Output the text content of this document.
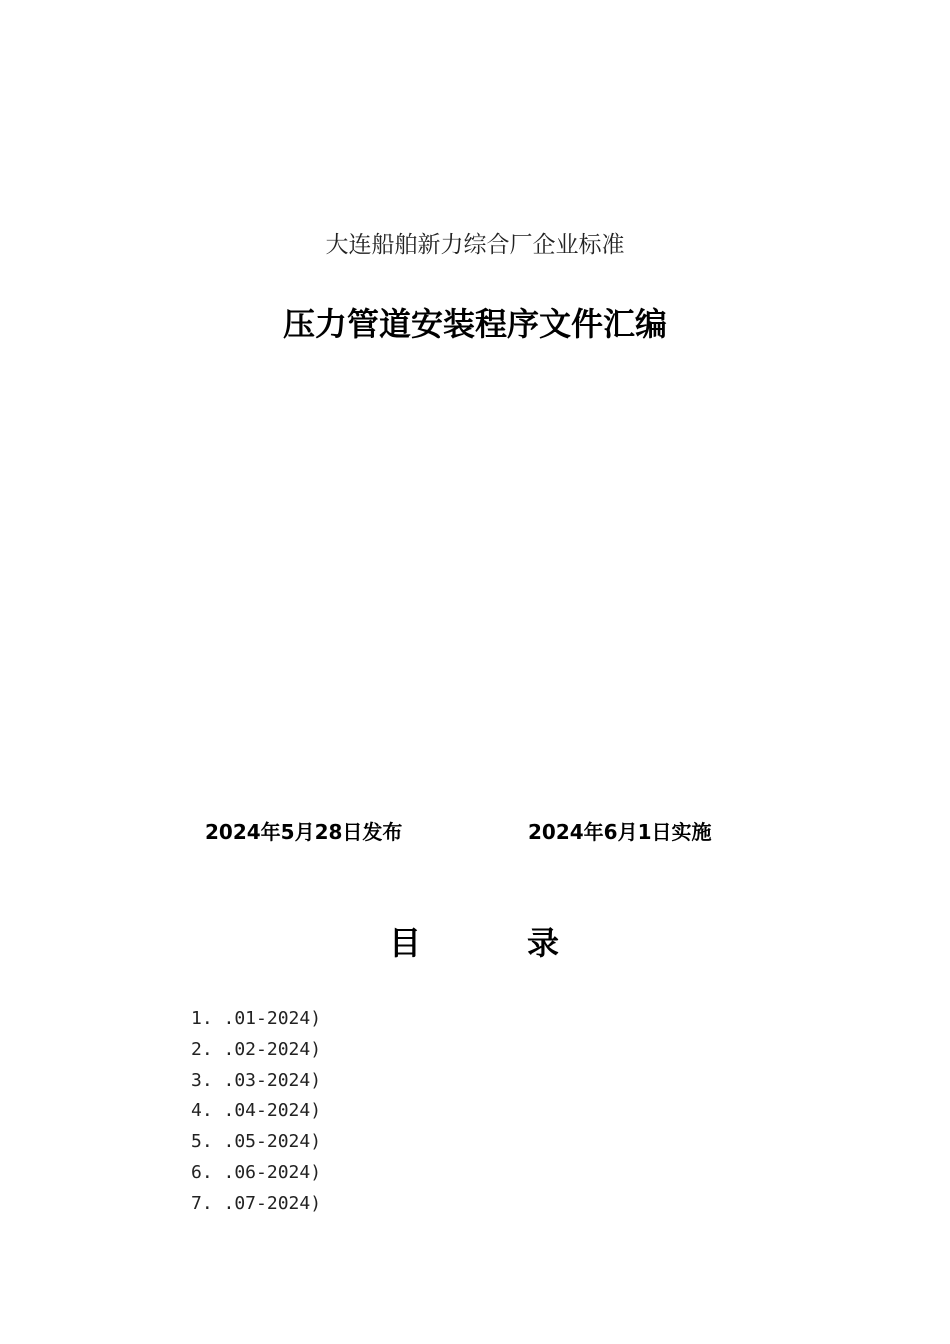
大连船舶新力综合厂企业标准
压力管道安装程序文件汇编
2024年5月28日发布	2024年6月1日实施
目	录
1. .01-2024)
2. .02-2024)
3. .03-2024)
4. .04-2024)
5. .05-2024)
6. .06-2024)
7. .07-2024)
